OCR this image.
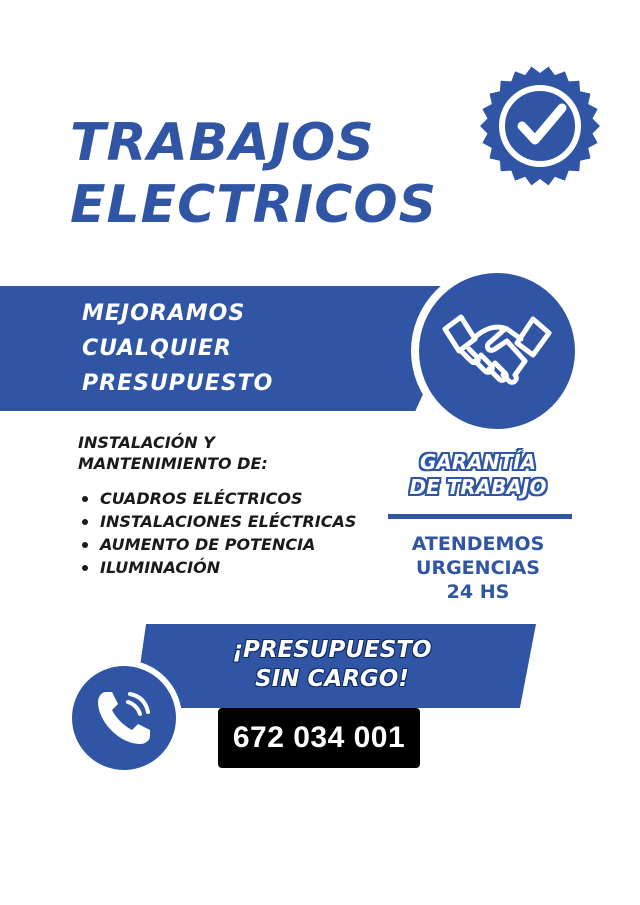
TRABAJOS
ELECTRICOS
MEJORAMOS
CUALQUIER
PRESUPUESTO

INSTALACIÓN Y
MANTENIMIENTO DE:

CUADROS ELÉCTRICOS
INSTALACIONES ELÉCTRICAS
AUMENTO DE POTENCIA
ILUMINACIÓN

GARANTÍA
DE TRABAJO

ATENDEMOS
URGENCIAS
24 HS

¡PRESUPUESTO
SIN CARGO!

672 034 001
